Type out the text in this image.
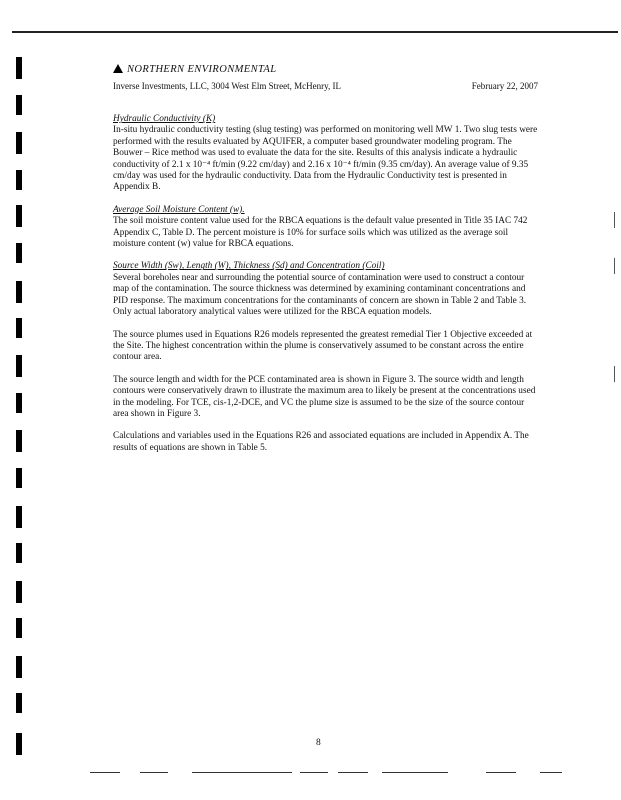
NORTHERN ENVIRONMENTAL
Inverse Investments, LLC, 3004 West Elm Street, McHenry, IL	February 22, 2007
Hydraulic Conductivity (K)

In-situ hydraulic conductivity testing (slug testing) was performed on monitoring well MW 1. Two slug tests were performed with the results evaluated by AQUIFER, a computer based groundwater modeling program. The Bouwer – Rice method was used to evaluate the data for the site. Results of this analysis indicate a hydraulic conductivity of 2.1 x 10⁻⁴ ft/min (9.22 cm/day) and 2.16 x 10⁻⁴ ft/min (9.35 cm/day). An average value of 9.35 cm/day was used for the hydraulic conductivity. Data from the Hydraulic Conductivity test is presented in Appendix B.

Average Soil Moisture Content (w).

The soil moisture content value used for the RBCA equations is the default value presented in Title 35 IAC 742 Appendix C, Table D. The percent moisture is 10% for surface soils which was utilized as the average soil moisture content (w) value for RBCA equations.

Source Width (Sw), Length (W), Thickness (Sd) and Concentration (Coil)

Several boreholes near and surrounding the potential source of contamination were used to construct a contour map of the contamination. The source thickness was determined by examining contaminant concentrations and PID response. The maximum concentrations for the contaminants of concern are shown in Table 2 and Table 3. Only actual laboratory analytical values were utilized for the RBCA equation models.

The source plumes used in Equations R26 models represented the greatest remedial Tier 1 Objective exceeded at the Site. The highest concentration within the plume is conservatively assumed to be constant across the entire contour area.

The source length and width for the PCE contaminated area is shown in Figure 3. The source width and length contours were conservatively drawn to illustrate the maximum area to likely be present at the concentrations used in the modeling. For TCE, cis-1,2-DCE, and VC the plume size is assumed to be the size of the source contour area shown in Figure 3.

Calculations and variables used in the Equations R26 and associated equations are included in Appendix A. The results of equations are shown in Table 5.

8
